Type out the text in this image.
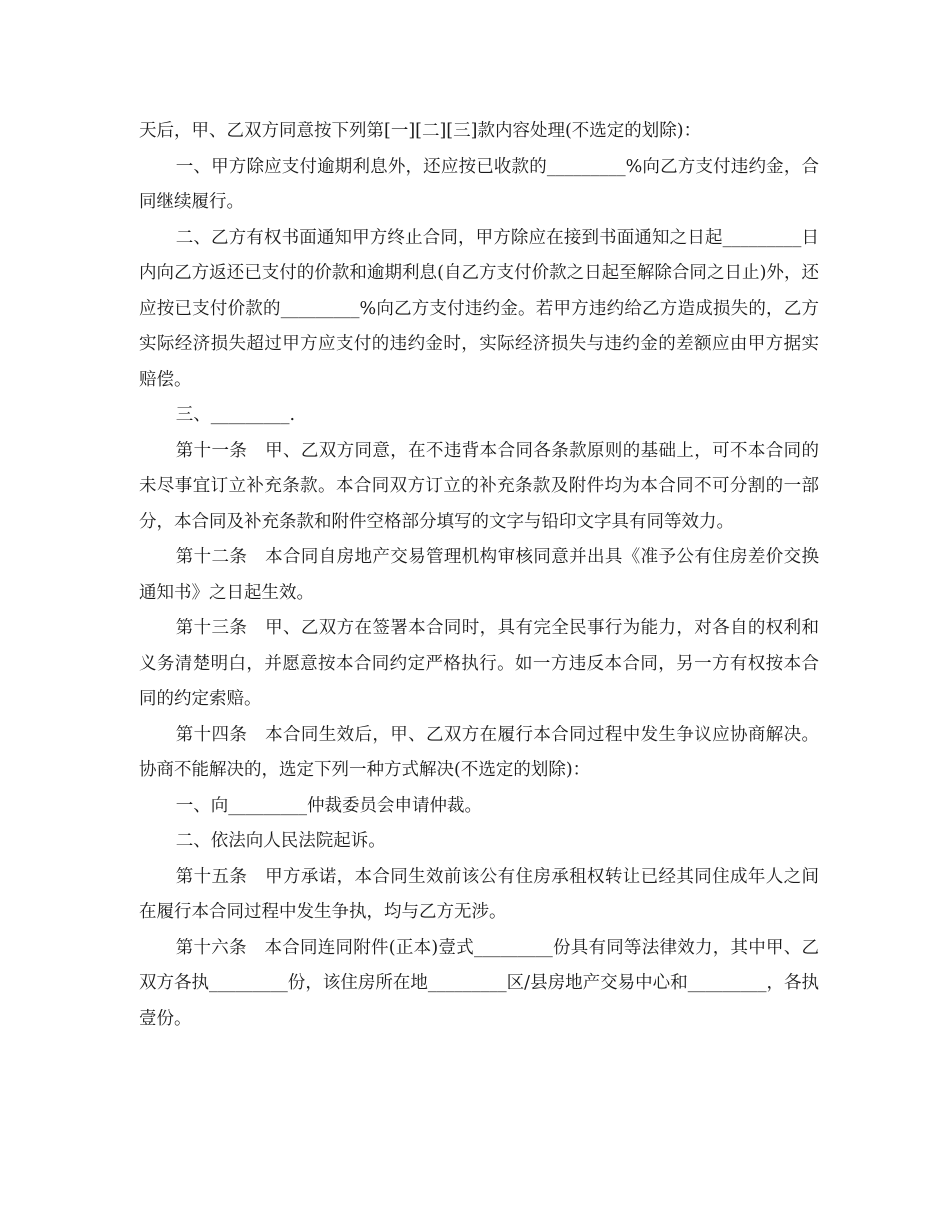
天后，甲、乙双方同意按下列第[一][二][三]款内容处理(不选定的划除)：

一、甲方除应支付逾期利息外，还应按已收款的_________%向乙方支付违约金，合同继续履行。

二、乙方有权书面通知甲方终止合同，甲方除应在接到书面通知之日起_________日内向乙方返还已支付的价款和逾期利息(自乙方支付价款之日起至解除合同之日止)外，还应按已支付价款的_________%向乙方支付违约金。若甲方违约给乙方造成损失的，乙方实际经济损失超过甲方应支付的违约金时，实际经济损失与违约金的差额应由甲方据实赔偿。

三、_________.

第十一条　甲、乙双方同意，在不违背本合同各条款原则的基础上，可不本合同的未尽事宜订立补充条款。本合同双方订立的补充条款及附件均为本合同不可分割的一部分，本合同及补充条款和附件空格部分填写的文字与铅印文字具有同等效力。

第十二条　本合同自房地产交易管理机构审核同意并出具《准予公有住房差价交换通知书》之日起生效。

第十三条　甲、乙双方在签署本合同时，具有完全民事行为能力，对各自的权利和义务清楚明白，并愿意按本合同约定严格执行。如一方违反本合同，另一方有权按本合同的约定索赔。

第十四条　本合同生效后，甲、乙双方在履行本合同过程中发生争议应协商解决。协商不能解决的，选定下列一种方式解决(不选定的划除)：

一、向_________仲裁委员会申请仲裁。

二、依法向人民法院起诉。

第十五条　甲方承诺，本合同生效前该公有住房承租权转让已经其同住成年人之间在履行本合同过程中发生争执，均与乙方无涉。

第十六条　本合同连同附件(正本)壹式_________份具有同等法律效力，其中甲、乙双方各执_________份，该住房所在地_________区/县房地产交易中心和_________，各执壹份。
